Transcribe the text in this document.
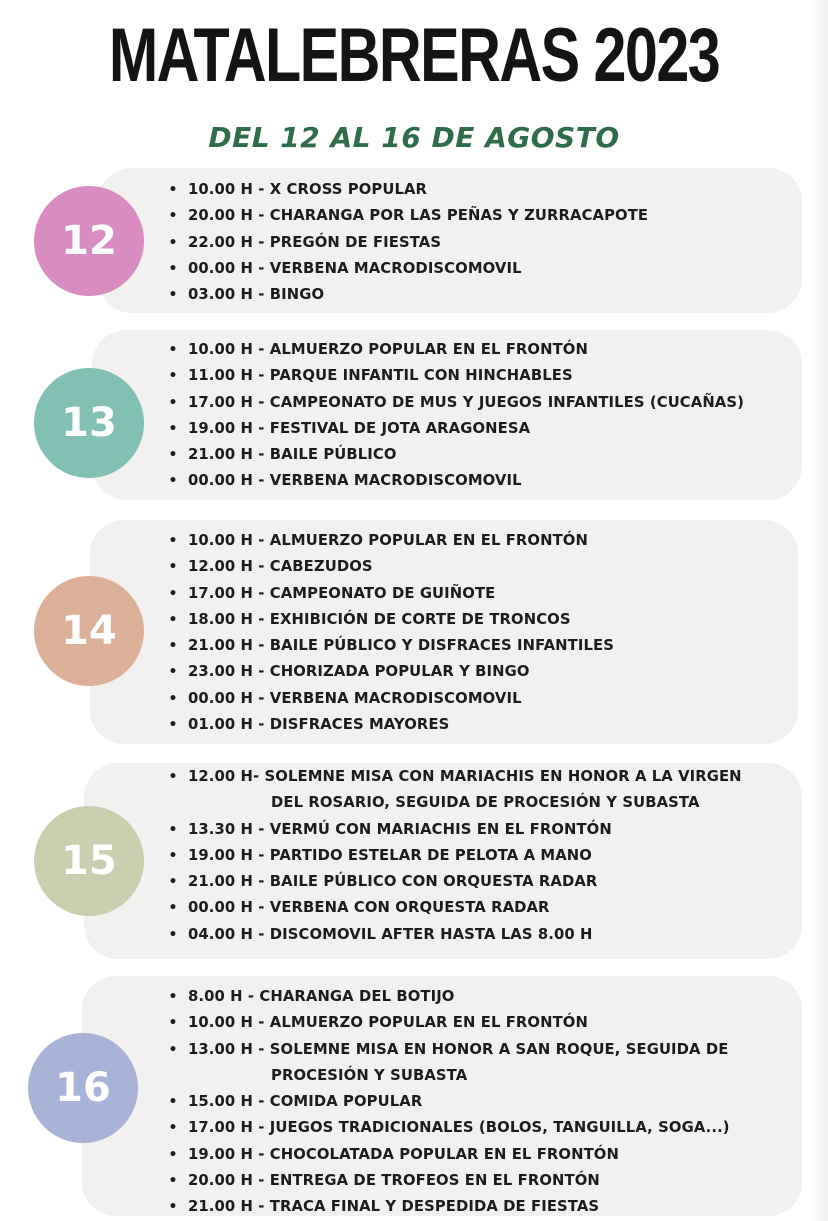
MATALEBRERAS 2023
DEL 12 AL 16 DE AGOSTO
12
• 10.00 H - X CROSS POPULAR
• 20.00 H - CHARANGA POR LAS PEÑAS Y ZURRACAPOTE
• 22.00 H - PREGÓN DE FIESTAS
• 00.00 H - VERBENA MACRODISCOMOVIL
• 03.00 H - BINGO
13
• 10.00 H - ALMUERZO POPULAR EN EL FRONTÓN
• 11.00 H - PARQUE INFANTIL CON HINCHABLES
• 17.00 H - CAMPEONATO DE MUS Y JUEGOS INFANTILES (CUCAÑAS)
• 19.00 H - FESTIVAL DE JOTA ARAGONESA
• 21.00 H - BAILE PÚBLICO
• 00.00 H - VERBENA MACRODISCOMOVIL
14
• 10.00 H - ALMUERZO POPULAR EN EL FRONTÓN
• 12.00 H - CABEZUDOS
• 17.00 H - CAMPEONATO DE GUIÑOTE
• 18.00 H - EXHIBICIÓN DE CORTE DE TRONCOS
• 21.00 H - BAILE PÚBLICO Y DISFRACES INFANTILES
• 23.00 H - CHORIZADA POPULAR Y BINGO
• 00.00 H - VERBENA MACRODISCOMOVIL
• 01.00 H - DISFRACES MAYORES
15
• 12.00 H- SOLEMNE MISA CON MARIACHIS EN HONOR A LA VIRGEN
DEL ROSARIO, SEGUIDA DE PROCESIÓN Y SUBASTA
• 13.30 H - VERMÚ CON MARIACHIS EN EL FRONTÓN
• 19.00 H - PARTIDO ESTELAR DE PELOTA A MANO
• 21.00 H - BAILE PÚBLICO CON ORQUESTA RADAR
• 00.00 H - VERBENA CON ORQUESTA RADAR
• 04.00 H - DISCOMOVIL AFTER HASTA LAS 8.00 H
16
• 8.00 H - CHARANGA DEL BOTIJO
• 10.00 H - ALMUERZO POPULAR EN EL FRONTÓN
• 13.00 H - SOLEMNE MISA EN HONOR A SAN ROQUE, SEGUIDA DE
PROCESIÓN Y SUBASTA
• 15.00 H - COMIDA POPULAR
• 17.00 H - JUEGOS TRADICIONALES (BOLOS, TANGUILLA, SOGA...)
• 19.00 H - CHOCOLATADA POPULAR EN EL FRONTÓN
• 20.00 H - ENTREGA DE TROFEOS EN EL FRONTÓN
• 21.00 H - TRACA FINAL Y DESPEDIDA DE FIESTAS
